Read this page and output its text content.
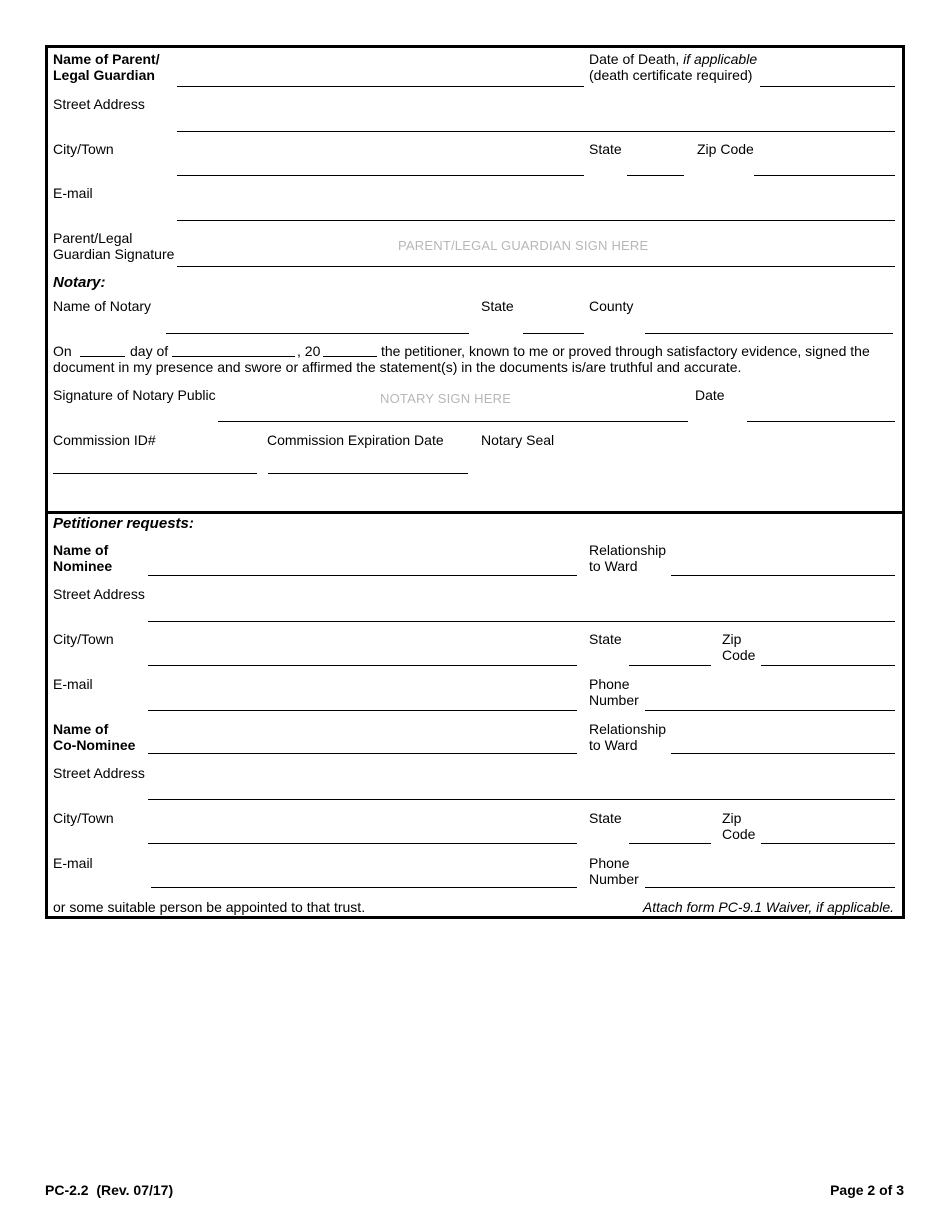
Name of Parent/
Legal Guardian
Date of Death, if applicable
(death certificate required)
Street Address
City/Town	State	Zip Code
E-mail
Parent/Legal
Guardian Signature
PARENT/LEGAL GUARDIAN SIGN HERE
Notary:
Name of Notary	State	County
On	day of	, 20	the petitioner, known to me or proved through satisfactory evidence, signed the
document in my presence and swore or affirmed the statement(s) in the documents is/are truthful and accurate.
Signature of Notary Public	NOTARY SIGN HERE	Date
Commission ID#	Commission Expiration Date	Notary Seal
Petitioner requests:
Name of
Nominee
Relationship
to Ward
Street Address
City/Town	State	Zip
Code
E-mail	Phone
Number
Name of
Co-Nominee
Relationship
to Ward
Street Address
City/Town	State	Zip
Code
E-mail	Phone
Number
or some suitable person be appointed to that trust.	Attach form PC-9.1 Waiver, if applicable.
PC-2.2  (Rev. 07/17)	Page 2 of 3
